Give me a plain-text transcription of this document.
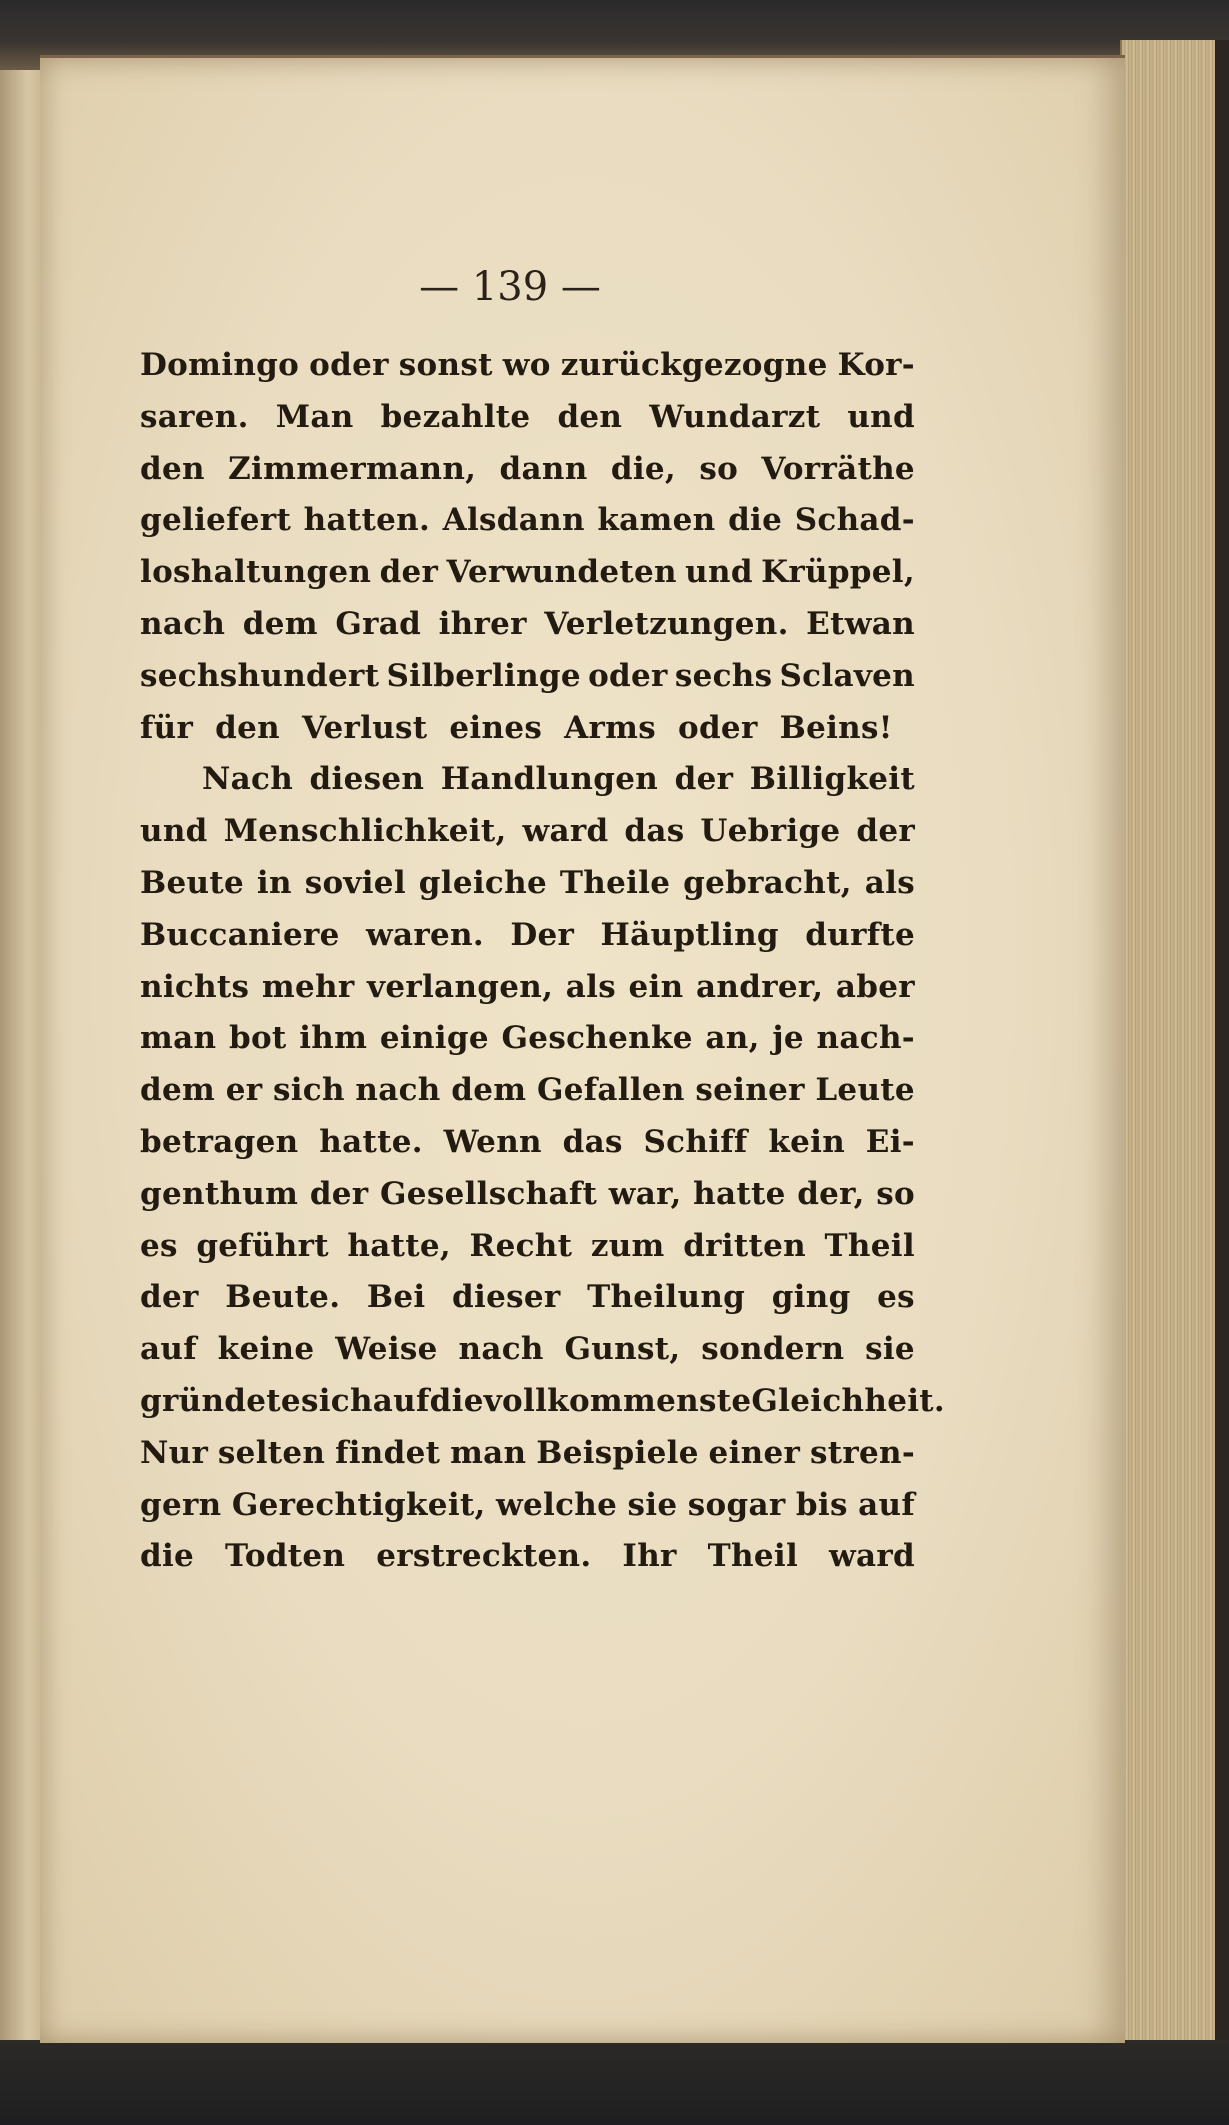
— 139 —
Domingo oder sonst wo zurückgezogne Kor-
saren. Man bezahlte den Wundarzt und
den Zimmermann, dann die, so Vorräthe
geliefert hatten. Alsdann kamen die Schad-
loshaltungen der Verwundeten und Krüppel,
nach dem Grad ihrer Verletzungen. Etwan
sechshundert Silberlinge oder sechs Sclaven
für den Verlust eines Arms oder Beins!
Nach diesen Handlungen der Billigkeit
und Menschlichkeit, ward das Uebrige der
Beute in soviel gleiche Theile gebracht, als
Buccaniere waren. Der Häuptling durfte
nichts mehr verlangen, als ein andrer, aber
man bot ihm einige Geschenke an, je nach-
dem er sich nach dem Gefallen seiner Leute
betragen hatte. Wenn das Schiff kein Ei-
genthum der Gesellschaft war, hatte der, so
es geführt hatte, Recht zum dritten Theil
der Beute. Bei dieser Theilung ging es
auf keine Weise nach Gunst, sondern sie
gründete sich auf die vollkommenste Gleichheit.
Nur selten findet man Beispiele einer stren-
gern Gerechtigkeit, welche sie sogar bis auf
die Todten erstreckten. Ihr Theil ward
